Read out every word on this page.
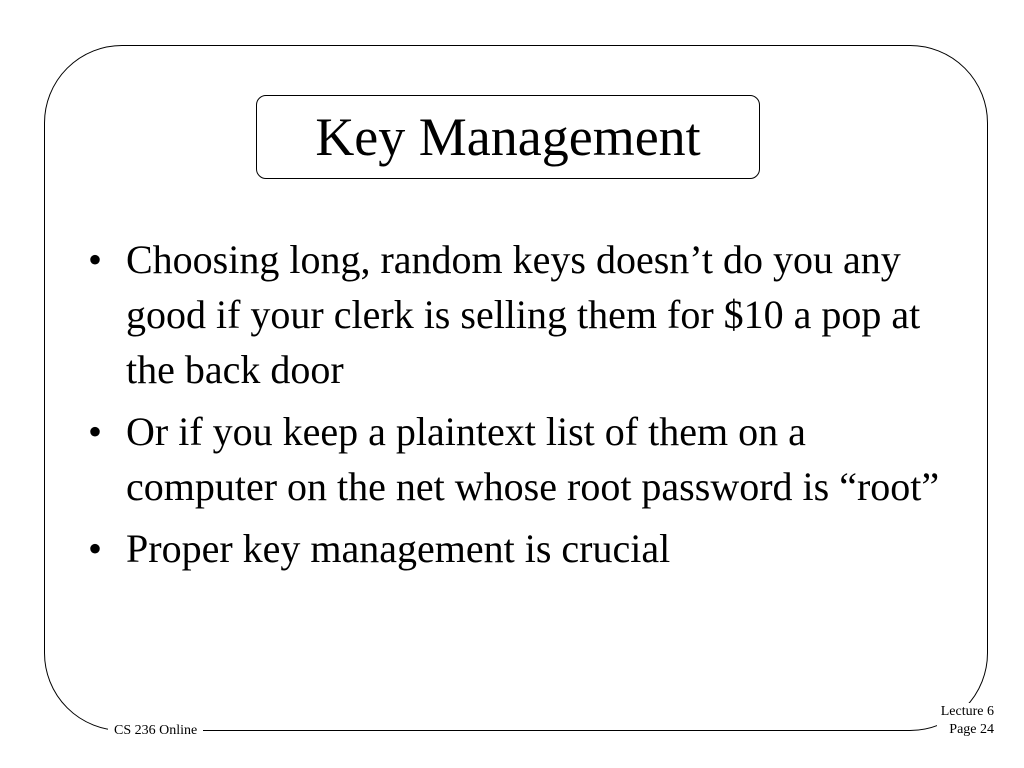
Key Management
• Choosing long, random keys doesn’t do you any good if your clerk is selling them for $10 a pop at the back door
• Or if you keep a plaintext list of them on a computer on the net whose root password is “root”
• Proper key management is crucial
CS 236 Online
Lecture 6
Page 24
